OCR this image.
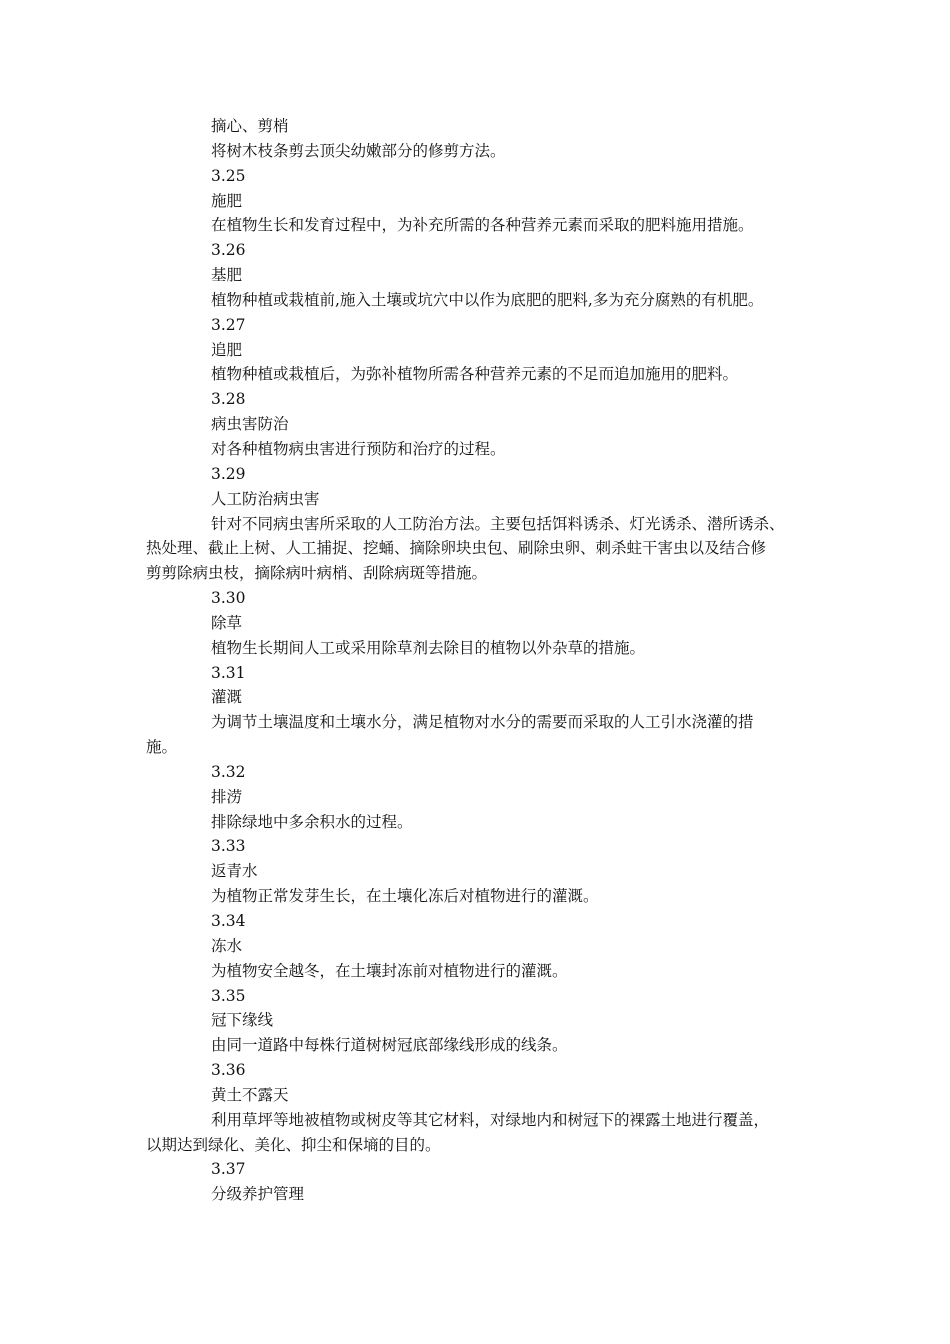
摘心、剪梢

将树木枝条剪去顶尖幼嫩部分的修剪方法。

3.25

施肥

在植物生长和发育过程中，为补充所需的各种营养元素而采取的肥料施用措施。

3.26

基肥

植物种植或栽植前,施入土壤或坑穴中以作为底肥的肥料,多为充分腐熟的有机肥。

3.27

追肥

植物种植或栽植后，为弥补植物所需各种营养元素的不足而追加施用的肥料。

3.28

病虫害防治

对各种植物病虫害进行预防和治疗的过程。

3.29

人工防治病虫害

针对不同病虫害所采取的人工防治方法。主要包括饵料诱杀、灯光诱杀、潜所诱杀、

热处理、截止上树、人工捕捉、挖蛹、摘除卵块虫包、刷除虫卵、刺杀蛀干害虫以及结合修

剪剪除病虫枝，摘除病叶病梢、刮除病斑等措施。

3.30

除草

植物生长期间人工或采用除草剂去除目的植物以外杂草的措施。

3.31

灌溉

为调节土壤温度和土壤水分，满足植物对水分的需要而采取的人工引水浇灌的措

施。

3.32

排涝

排除绿地中多余积水的过程。

3.33

返青水

为植物正常发芽生长，在土壤化冻后对植物进行的灌溉。

3.34

冻水

为植物安全越冬，在土壤封冻前对植物进行的灌溉。

3.35

冠下缘线

由同一道路中每株行道树树冠底部缘线形成的线条。

3.36

黄土不露天

利用草坪等地被植物或树皮等其它材料，对绿地内和树冠下的裸露土地进行覆盖，

以期达到绿化、美化、抑尘和保墒的目的。

3.37

分级养护管理
